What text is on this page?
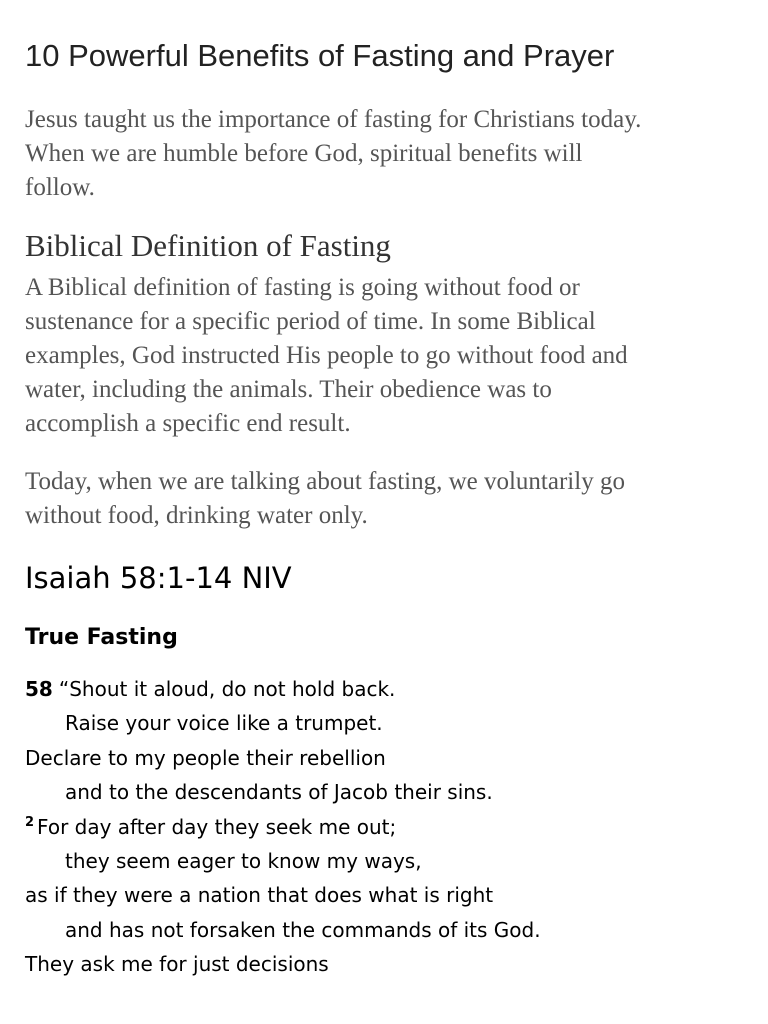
10 Powerful Benefits of Fasting and Prayer

Jesus taught us the importance of fasting for Christians today.
When we are humble before God, spiritual benefits will
follow.

Biblical Definition of Fasting

A Biblical definition of fasting is going without food or
sustenance for a specific period of time. In some Biblical
examples, God instructed His people to go without food and
water, including the animals. Their obedience was to
accomplish a specific end result.

Today, when we are talking about fasting, we voluntarily go
without food, drinking water only.

Isaiah 58:1-14 NIV
True Fasting
58 “Shout it aloud, do not hold back.
Raise your voice like a trumpet.
Declare to my people their rebellion
and to the descendants of Jacob their sins.
$^2$ For day after day they seek me out;
they seem eager to know my ways,
as if they were a nation that does what is right
and has not forsaken the commands of its God.
They ask me for just decisions
